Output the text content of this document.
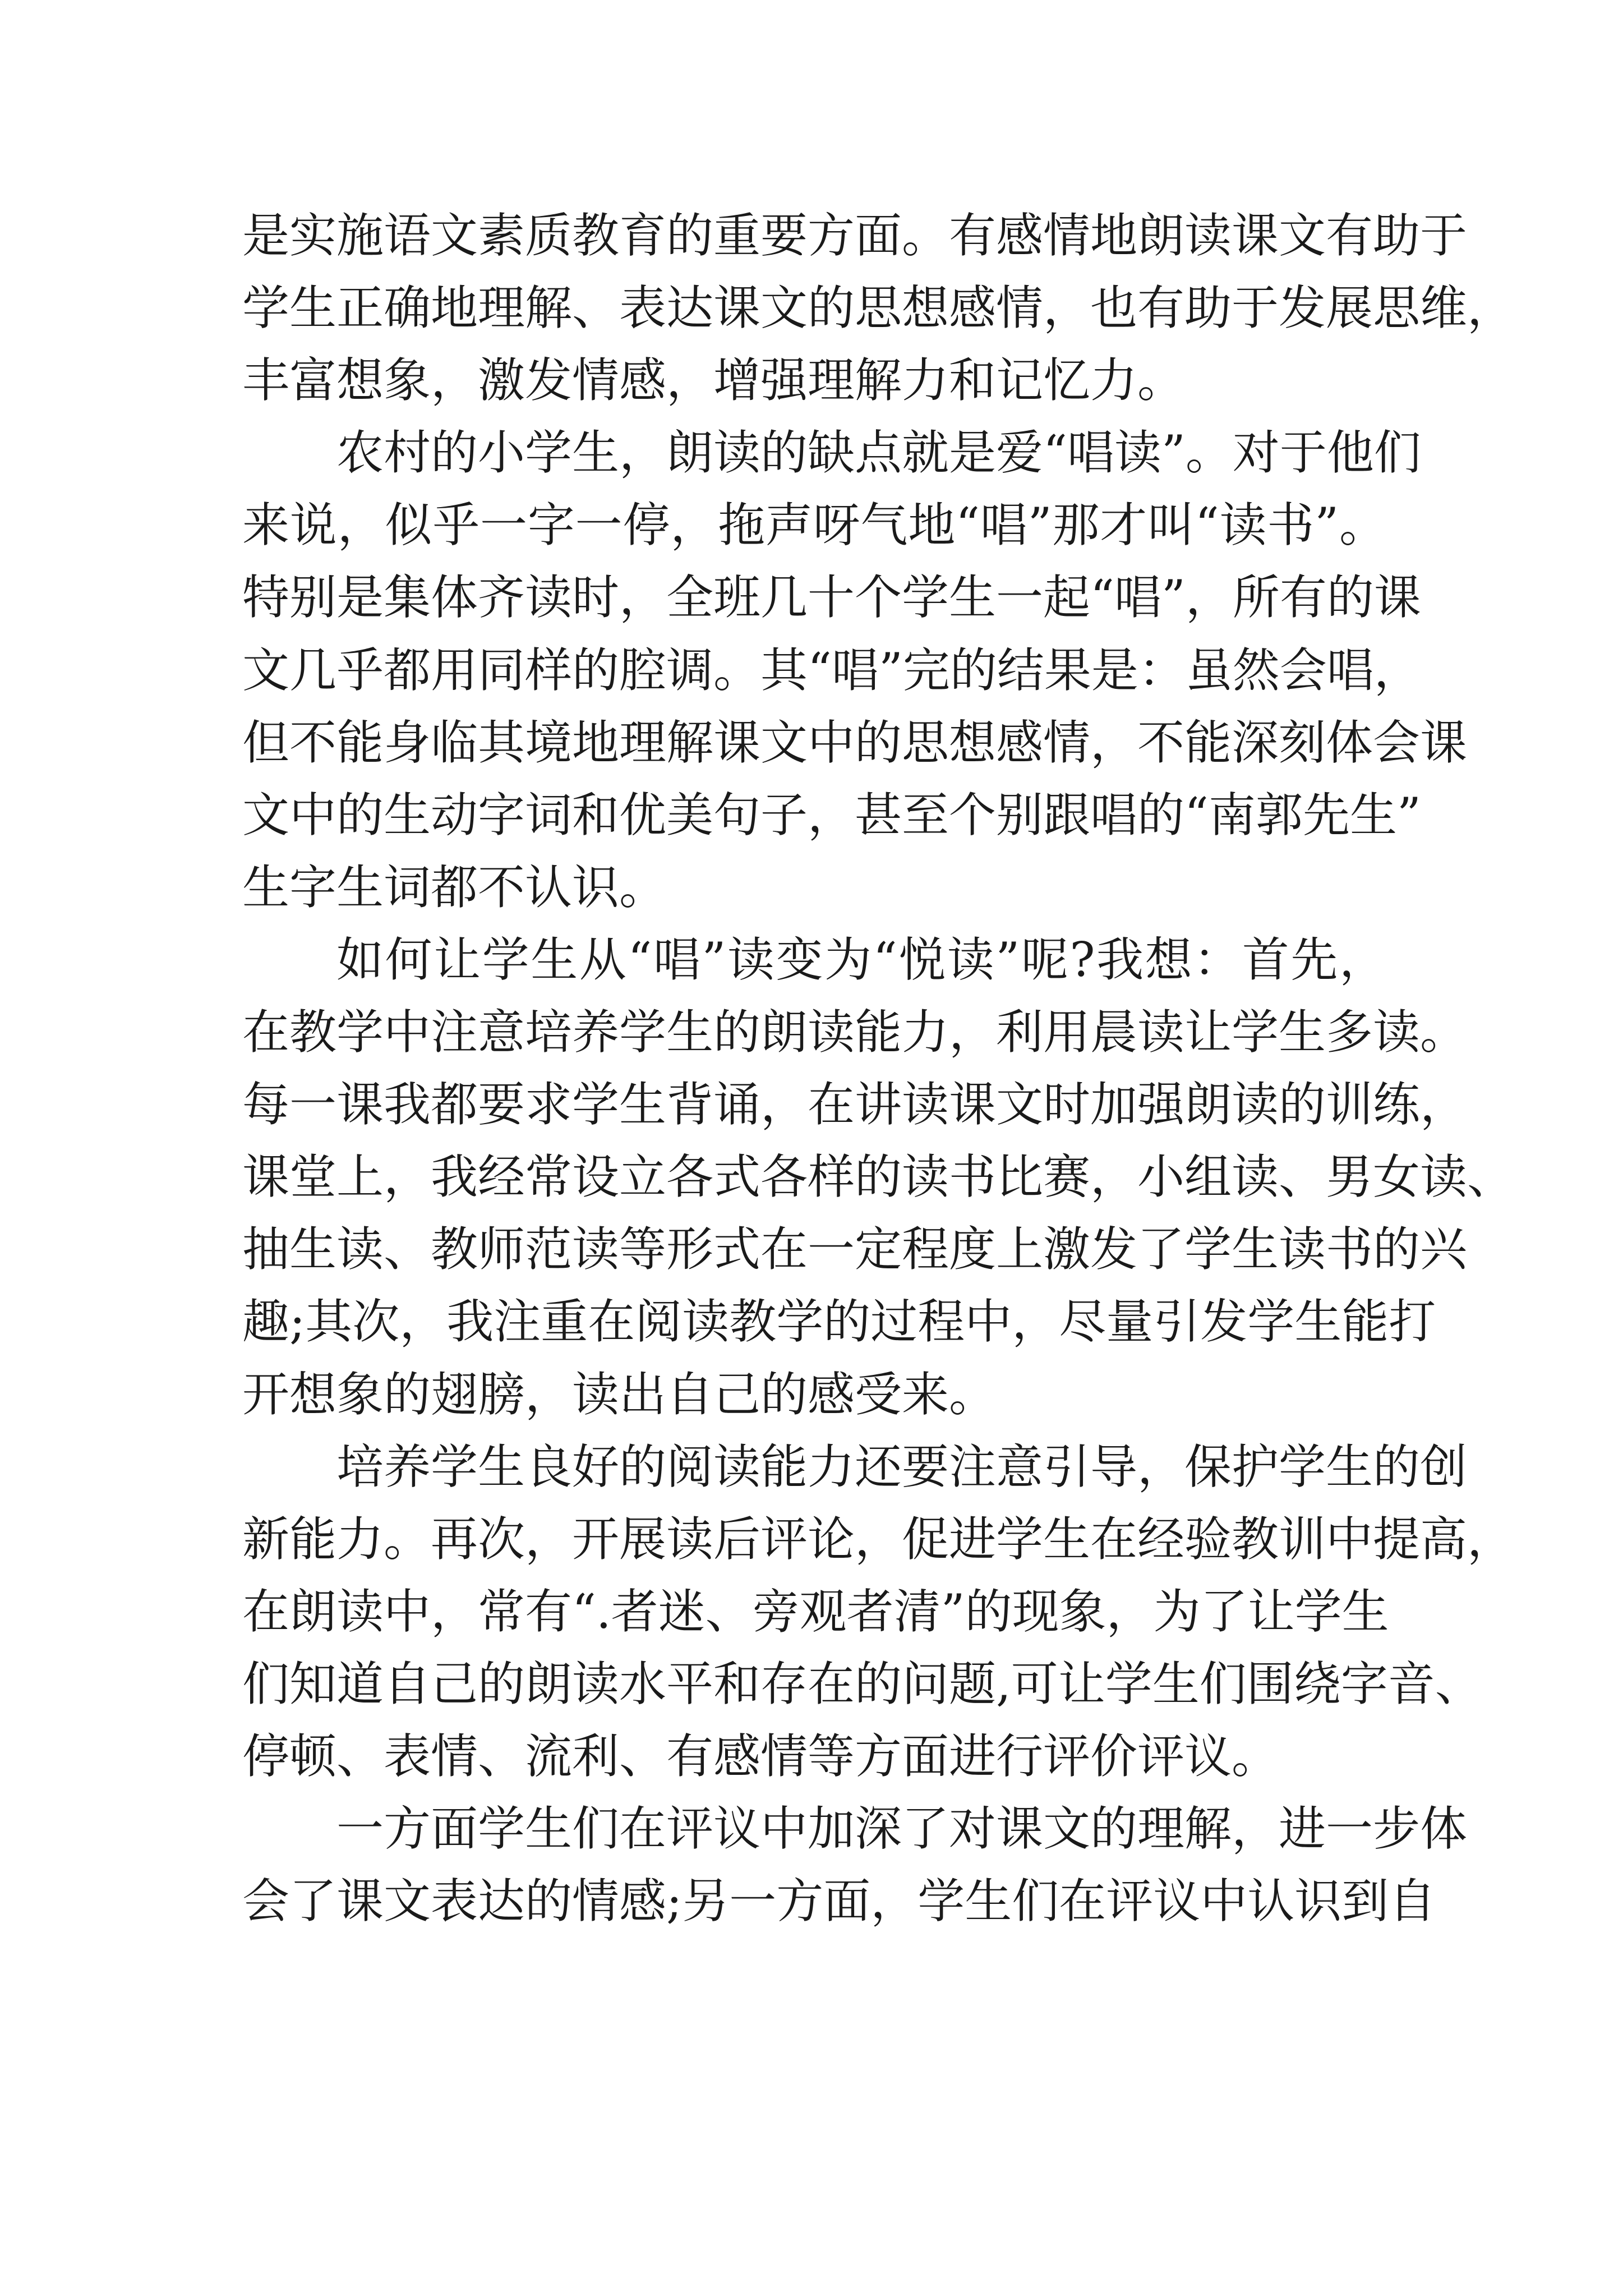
是实施语文素质教育的重要方面。有感情地朗读课文有助于
学生正确地理解、表达课文的思想感情，也有助于发展思维，
丰富想象，激发情感，增强理解力和记忆力。
农村的小学生，朗读的缺点就是爱“唱读”。对于他们
来说，似乎一字一停，拖声呀气地“唱”那才叫“读书”。
特别是集体齐读时，全班几十个学生一起“唱”，所有的课
文几乎都用同样的腔调。其“唱”完的结果是：虽然会唱，
但不能身临其境地理解课文中的思想感情，不能深刻体会课
文中的生动字词和优美句子，甚至个别跟唱的“南郭先生”
生字生词都不认识。
如何让学生从“唱”读变为“悦读”呢?我想：首先，
在教学中注意培养学生的朗读能力，利用晨读让学生多读。
每一课我都要求学生背诵，在讲读课文时加强朗读的训练，
课堂上，我经常设立各式各样的读书比赛，小组读、男女读、
抽生读、教师范读等形式在一定程度上激发了学生读书的兴
趣;其次，我注重在阅读教学的过程中，尽量引发学生能打
开想象的翅膀，读出自己的感受来。
培养学生良好的阅读能力还要注意引导，保护学生的创
新能力。再次，开展读后评论，促进学生在经验教训中提高，
在朗读中，常有“.者迷、旁观者清”的现象，为了让学生
们知道自己的朗读水平和存在的问题,可让学生们围绕字音、
停顿、表情、流利、有感情等方面进行评价评议。
一方面学生们在评议中加深了对课文的理解，进一步体
会了课文表达的情感;另一方面，学生们在评议中认识到自
